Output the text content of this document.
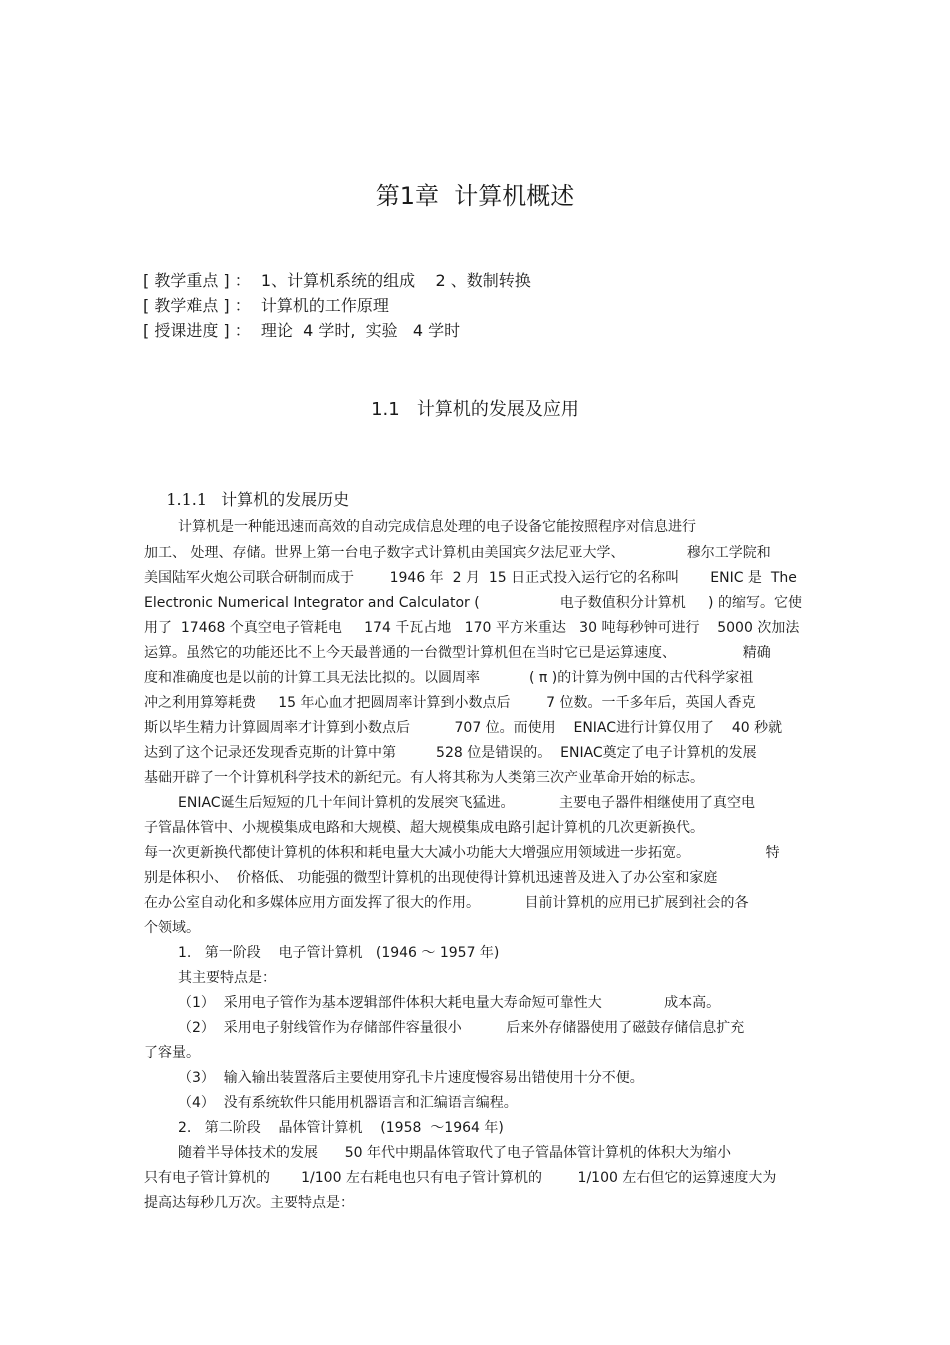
第1章  计算机概述
[ 教学重点 ] ：  1、计算机系统的组成    2 、数制转换
[ 教学难点 ] ：  计算机的工作原理
[ 授课进度 ] ：  理论  4 学时,  实验   4 学时
1.1   计算机的发展及应用

1.1.1 计算机的发展历史

计算机是一种能迅速而高效的自动完成信息处理的电子设备它能按照程序对信息进行
加工、 处理、存储。世界上第一台电子数字式计算机由美国宾夕法尼亚大学、              穆尔工学院和
美国陆军火炮公司联合研制而成于        1946 年  2 月  15 日正式投入运行它的名称叫       ENIC 是  The
Electronic Numerical Integrator and Calculator (                  电子数值积分计算机     ) 的缩写。它使
用了  17468 个真空电子管耗电     174 千瓦占地   170 平方米重达   30 吨每秒钟可进行    5000 次加法
运算。虽然它的功能还比不上今天最普通的一台微型计算机但在当时它已是运算速度、               精确
度和准确度也是以前的计算工具无法比拟的。以圆周率           ( π )的计算为例中国的古代科学家祖
冲之利用算筹耗费     15 年心血才把圆周率计算到小数点后        7 位数。一千多年后，英国人香克
斯以毕生精力计算圆周率才计算到小数点后          707 位。而使用    ENIAC进行计算仅用了    40 秒就
达到了这个记录还发现香克斯的计算中第         528 位是错误的。  ENIAC奠定了电子计算机的发展
基础开辟了一个计算机科学技术的新纪元。有人将其称为人类第三次产业革命开始的标志。
ENIAC诞生后短短的几十年间计算机的发展突飞猛进。          主要电子器件相继使用了真空电
子管晶体管中、小规模集成电路和大规模、超大规模集成电路引起计算机的几次更新换代。
每一次更新换代都使计算机的体积和耗电量大大减小功能大大增强应用领域进一步拓宽。                 特
别是体积小、  价格低、 功能强的微型计算机的出现使得计算机迅速普及进入了办公室和家庭
在办公室自动化和多媒体应用方面发挥了很大的作用。          目前计算机的应用已扩展到社会的各
个领域。
1.   第一阶段    电子管计算机   (1946 ～ 1957 年)
其主要特点是：
（1）  采用电子管作为基本逻辑部件体积大耗电量大寿命短可靠性大              成本高。
（2）  采用电子射线管作为存储部件容量很小          后来外存储器使用了磁鼓存储信息扩充
了容量。
（3）  输入输出装置落后主要使用穿孔卡片速度慢容易出错使用十分不便。
（4）  没有系统软件只能用机器语言和汇编语言编程。
2.   第二阶段    晶体管计算机    (1958  ～1964 年)
随着半导体技术的发展      50 年代中期晶体管取代了电子管晶体管计算机的体积大为缩小
只有电子管计算机的       1/100 左右耗电也只有电子管计算机的        1/100 左右但它的运算速度大为
提高达每秒几万次。主要特点是：
